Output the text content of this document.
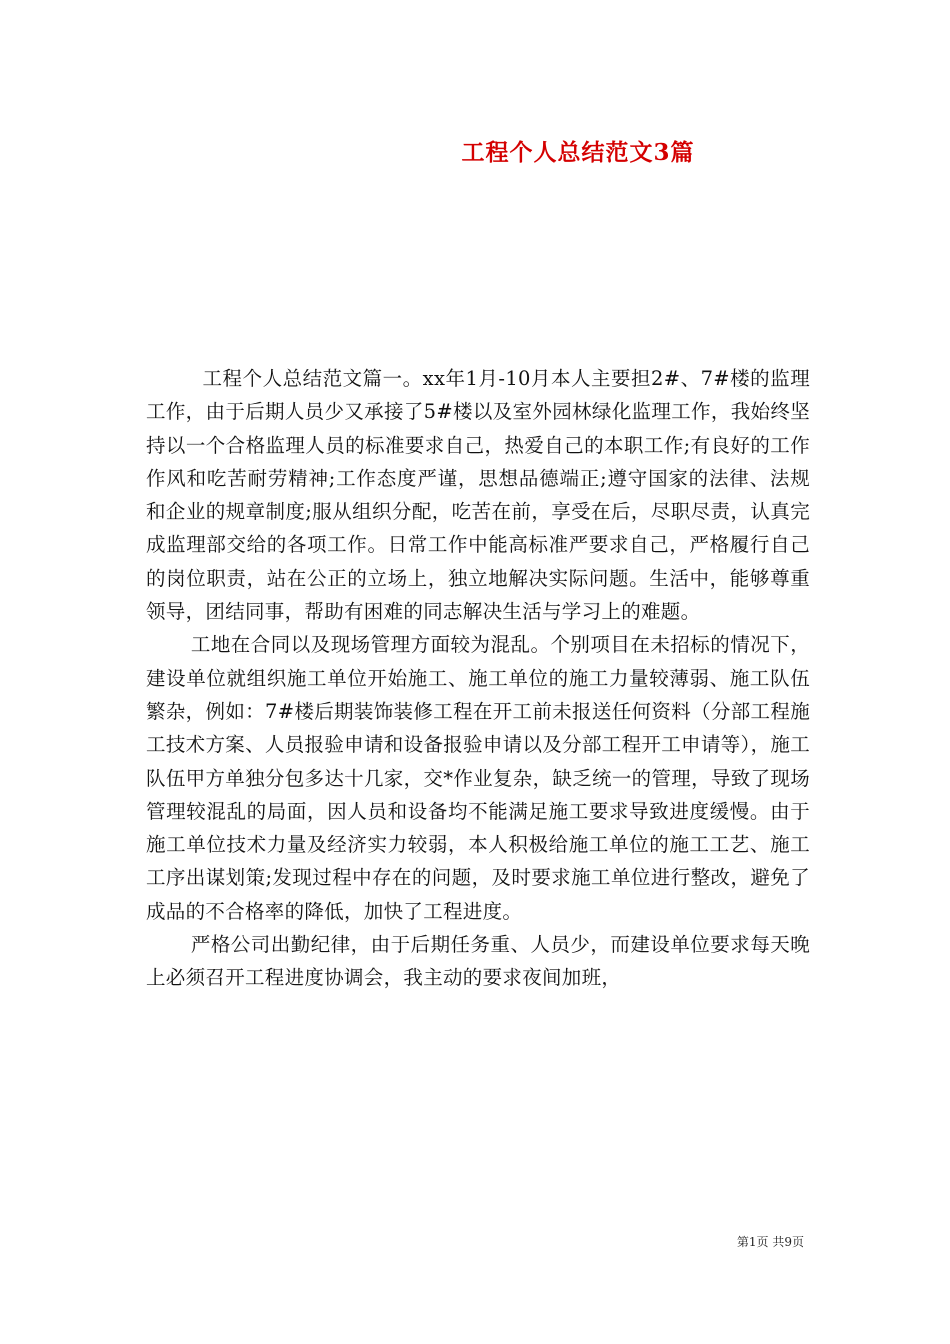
工程个人总结范文3篇

工程个人总结范文篇一。xx年1月-10月本人主要担2#、7#楼的监理工作，由于后期人员少又承接了5#楼以及室外园林绿化监理工作，我始终坚持以一个合格监理人员的标准要求自己，热爱自己的本职工作;有良好的工作作风和吃苦耐劳精神;工作态度严谨，思想品德端正;遵守国家的法律、法规和企业的规章制度;服从组织分配，吃苦在前，享受在后，尽职尽责，认真完成监理部交给的各项工作。日常工作中能高标准严要求自己，严格履行自己的岗位职责，站在公正的立场上，独立地解决实际问题。生活中，能够尊重领导，团结同事，帮助有困难的同志解决生活与学习上的难题。

工地在合同以及现场管理方面较为混乱。个别项目在未招标的情况下，建设单位就组织施工单位开始施工、施工单位的施工力量较薄弱、施工队伍繁杂，例如：7#楼后期装饰装修工程在开工前未报送任何资料（分部工程施工技术方案、人员报验申请和设备报验申请以及分部工程开工申请等），施工队伍甲方单独分包多达十几家，交*作业复杂，缺乏统一的管理，导致了现场管理较混乱的局面，因人员和设备均不能满足施工要求导致进度缓慢。由于施工单位技术力量及经济实力较弱，本人积极给施工单位的施工工艺、施工工序出谋划策;发现过程中存在的问题，及时要求施工单位进行整改，避免了成品的不合格率的降低，加快了工程进度。

严格公司出勤纪律，由于后期任务重、人员少，而建设单位要求每天晚上必须召开工程进度协调会，我主动的要求夜间加班，

第1页 共9页
